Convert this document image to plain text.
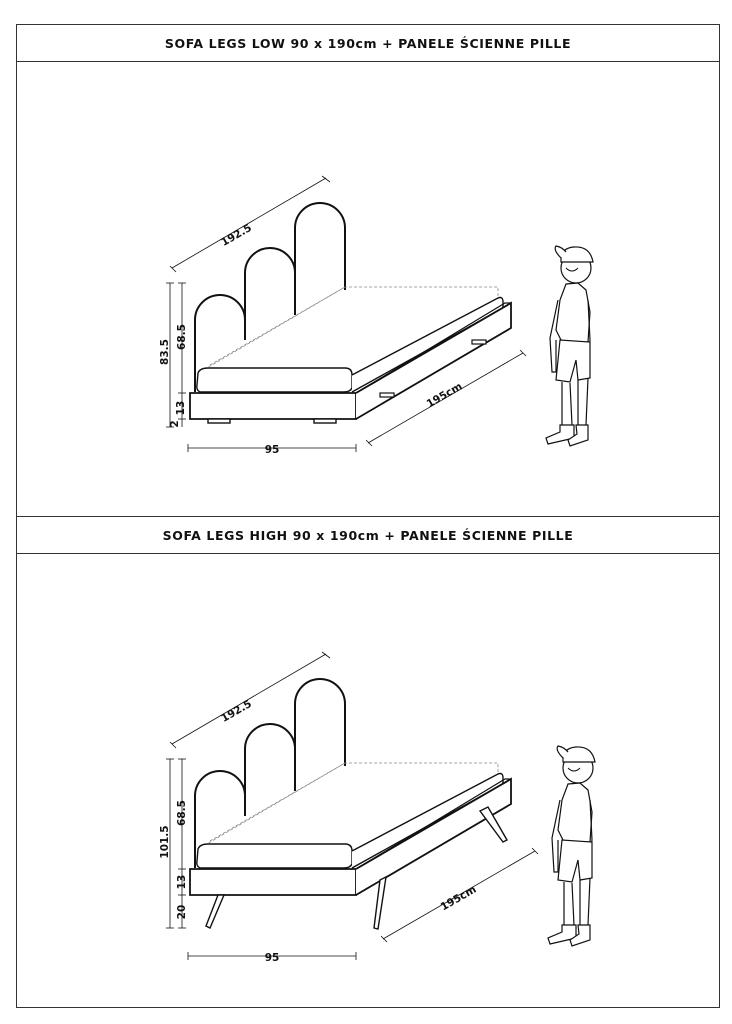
SOFA LEGS LOW 90 x 190cm + PANELE ŚCIENNE PILLE
SOFA LEGS HIGH 90 x 190cm + PANELE ŚCIENNE PILLE
192.5
83.5
68.5
2
13
95
195cm
192.5
101.5
68.5
13
20
95
195cm
